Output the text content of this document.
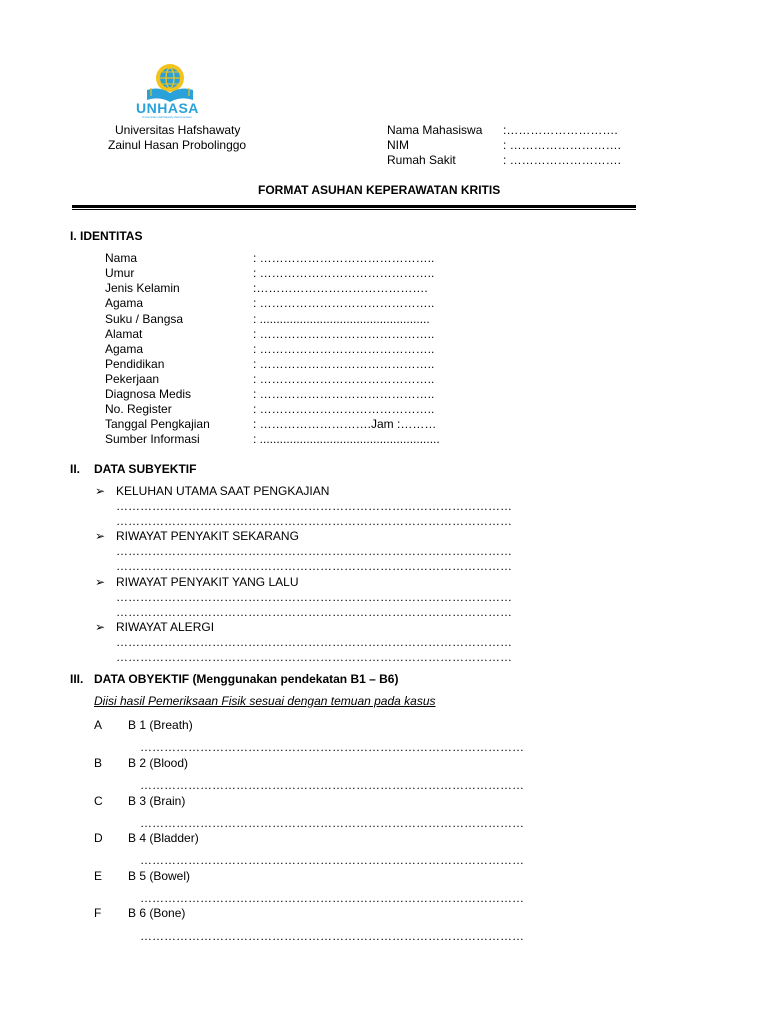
UNHASA
Universitas Hafshawaty Zainul Hasan
Universitas Hafshawaty
Zainul Hasan Probolinggo
Nama Mahasiswa :……………………….
NIM	: ……………………….
Rumah Sakit	: ……………………….
FORMAT ASUHAN KEPERAWATAN KRITIS
I. IDENTITAS
Nama	: ……………………………………..
Umur	: ……………………………………..
Jenis Kelamin	:…………………………………….
Agama	: ……………………………………..
Suku / Bangsa	: ...................................................
Alamat	: ……………………………………..
Agama	: ……………………………………..
Pendidikan	: ……………………………………..
Pekerjaan	: ……………………………………..
Diagnosa Medis	: ……………………………………..
No. Register	: ……………………………………..
Tanggal Pengkajian	: ……………………….Jam :………
Sumber Informasi	: ......................................................
II. DATA SUBYEKTIF
➢ KELUHAN UTAMA SAAT PENGKAJIAN
………………………………………………………………………………………
………………………………………………………………………………………
➢ RIWAYAT PENYAKIT SEKARANG
………………………………………………………………………………………
………………………………………………………………………………………
➢ RIWAYAT PENYAKIT YANG LALU
………………………………………………………………………………………
………………………………………………………………………………………
➢ RIWAYAT ALERGI
………………………………………………………………………………………
………………………………………………………………………………………
III. DATA OBYEKTIF (Menggunakan pendekatan B1 – B6)
Diisi hasil Pemeriksaan Fisik sesuai dengan temuan pada kasus
A B 1 (Breath)
……………………………………………………………………………………
B B 2 (Blood)
……………………………………………………………………………………
C B 3 (Brain)
……………………………………………………………………………………
D B 4 (Bladder)
……………………………………………………………………………………
E B 5 (Bowel)
……………………………………………………………………………………
F B 6 (Bone)
……………………………………………………………………………………
